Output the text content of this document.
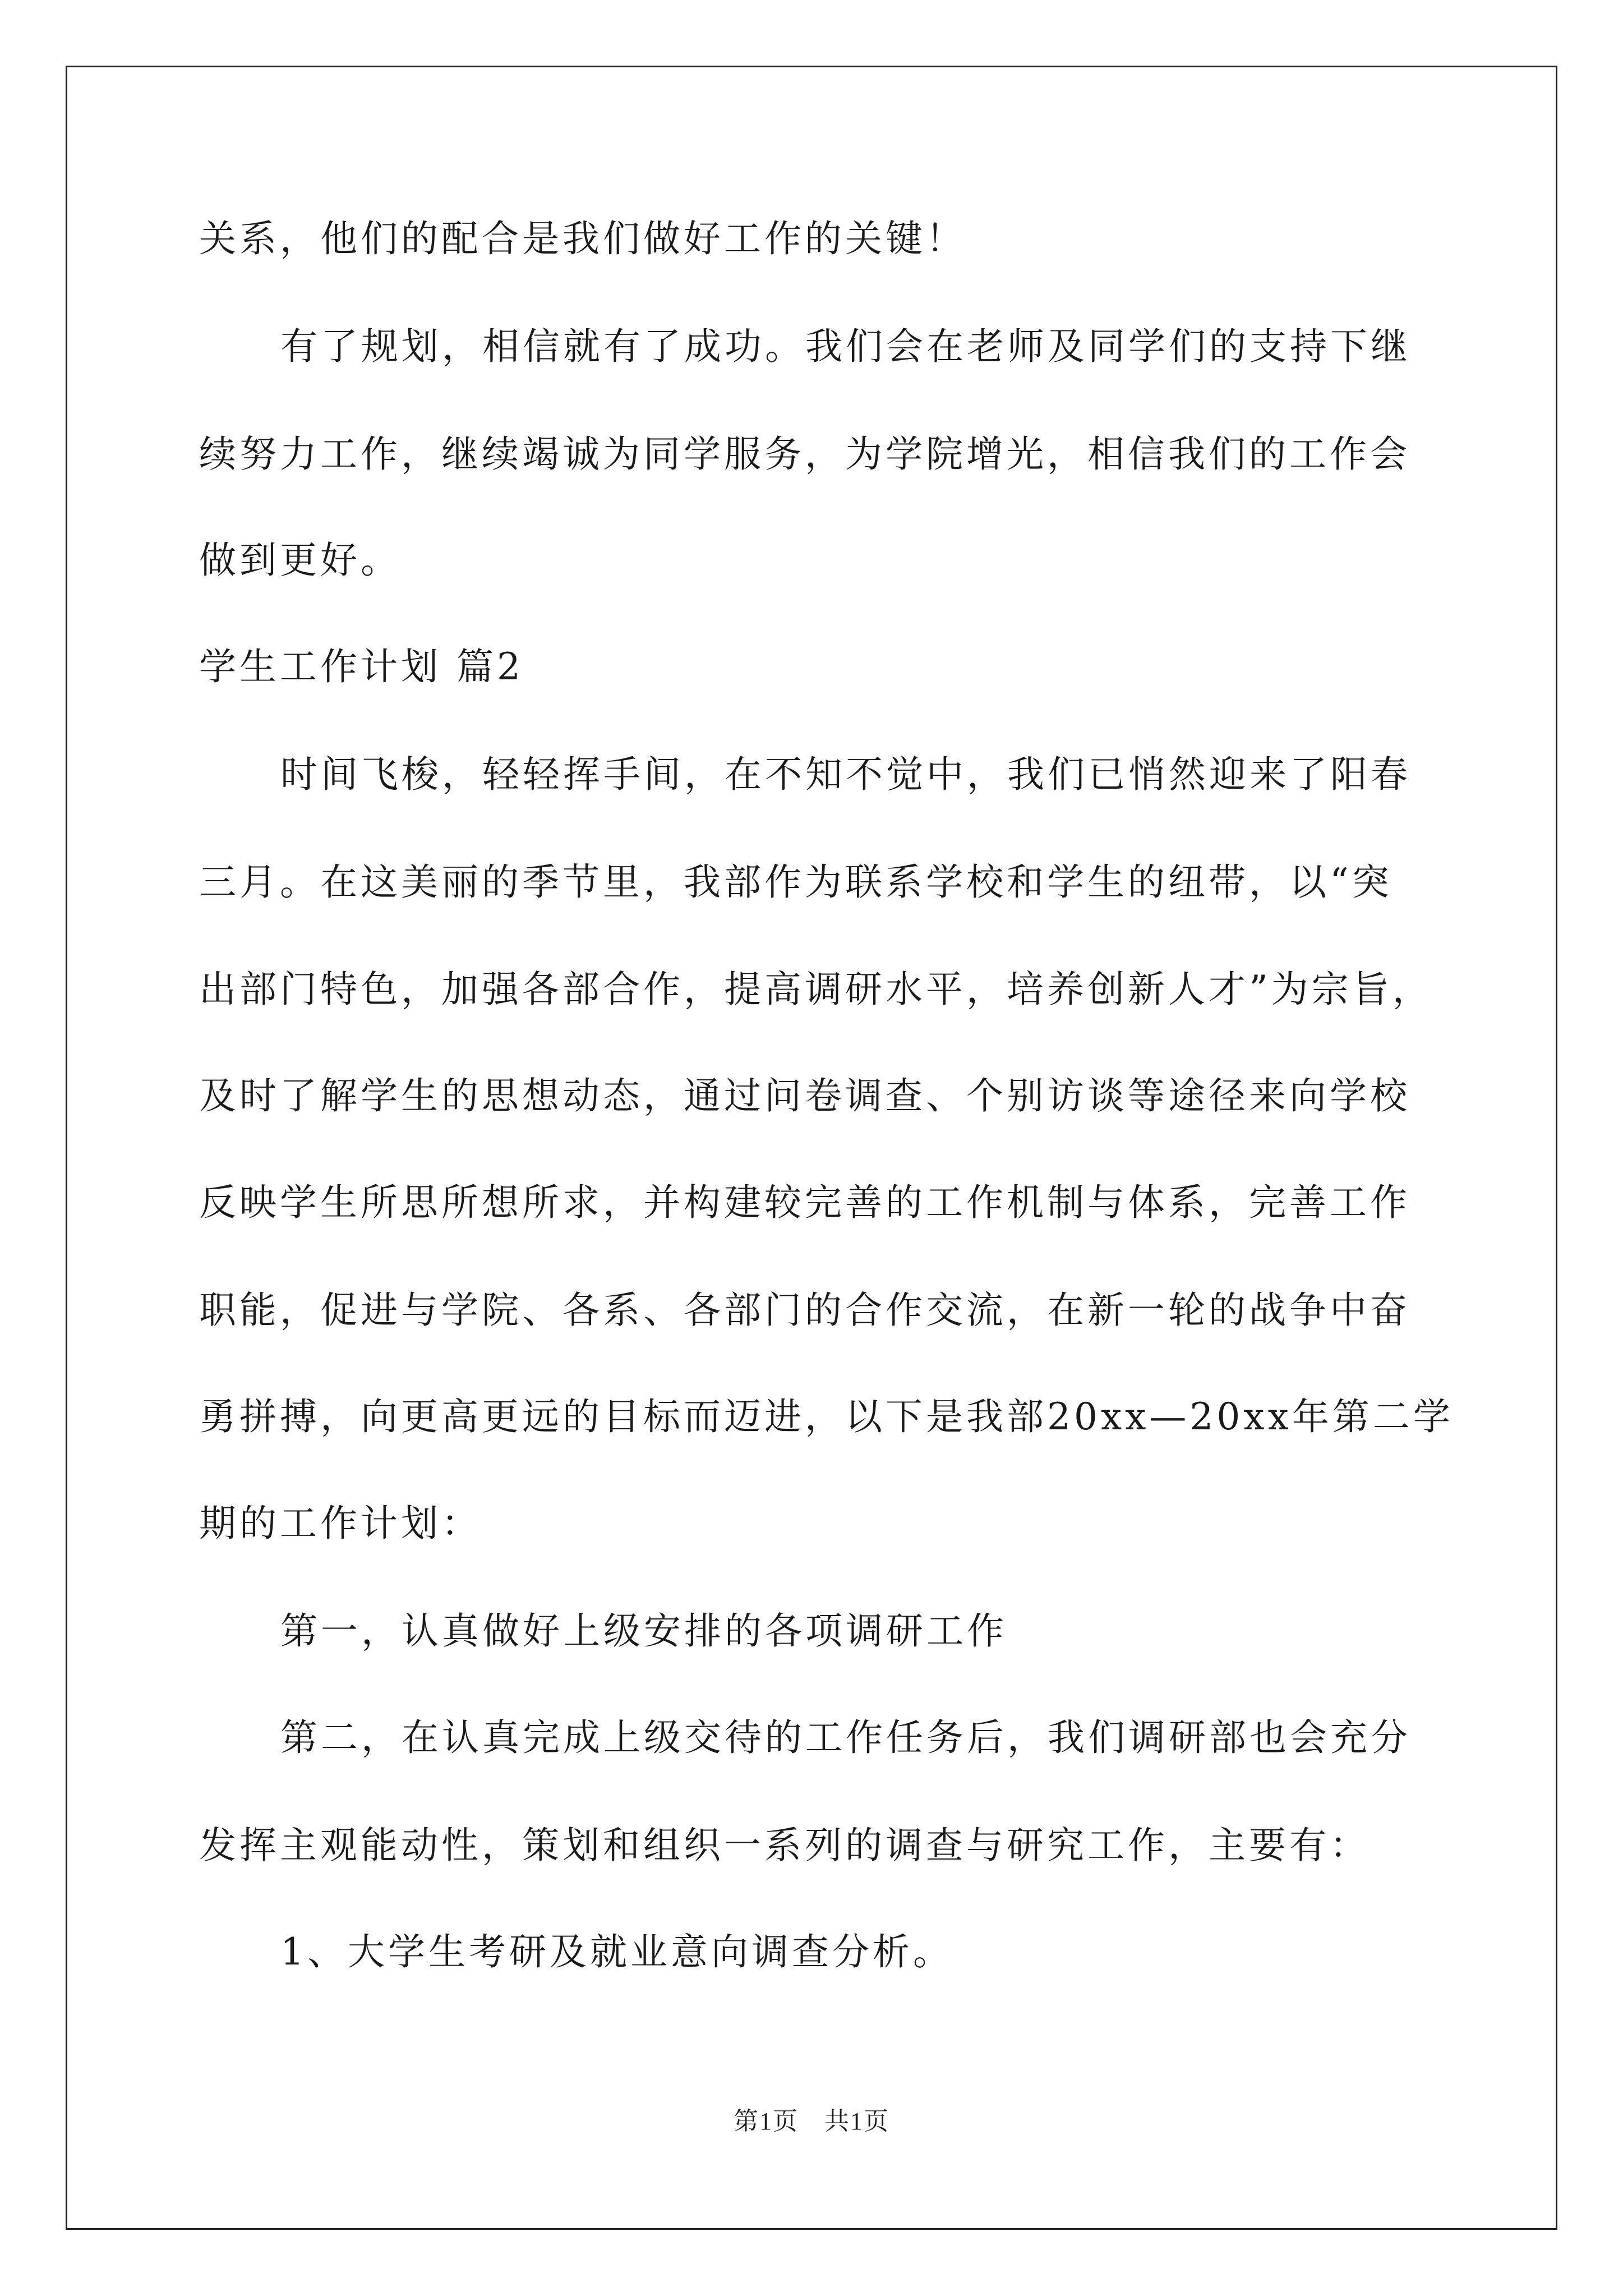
关系，他们的配合是我们做好工作的关键！
有了规划，相信就有了成功。我们会在老师及同学们的支持下继
续努力工作，继续竭诚为同学服务，为学院增光，相信我们的工作会
做到更好。
学生工作计划 篇2
时间飞梭，轻轻挥手间，在不知不觉中，我们已悄然迎来了阳春
三月。在这美丽的季节里，我部作为联系学校和学生的纽带，以“突
出部门特色，加强各部合作，提高调研水平，培养创新人才”为宗旨，
及时了解学生的思想动态，通过问卷调查、个别访谈等途径来向学校
反映学生所思所想所求，并构建较完善的工作机制与体系，完善工作
职能，促进与学院、各系、各部门的合作交流，在新一轮的战争中奋
勇拼搏，向更高更远的目标而迈进，以下是我部20xx—20xx年第二学
期的工作计划：
第一，认真做好上级安排的各项调研工作
第二，在认真完成上级交待的工作任务后，我们调研部也会充分
发挥主观能动性，策划和组织一系列的调查与研究工作，主要有：
1、大学生考研及就业意向调查分析。
第1页　共1页
